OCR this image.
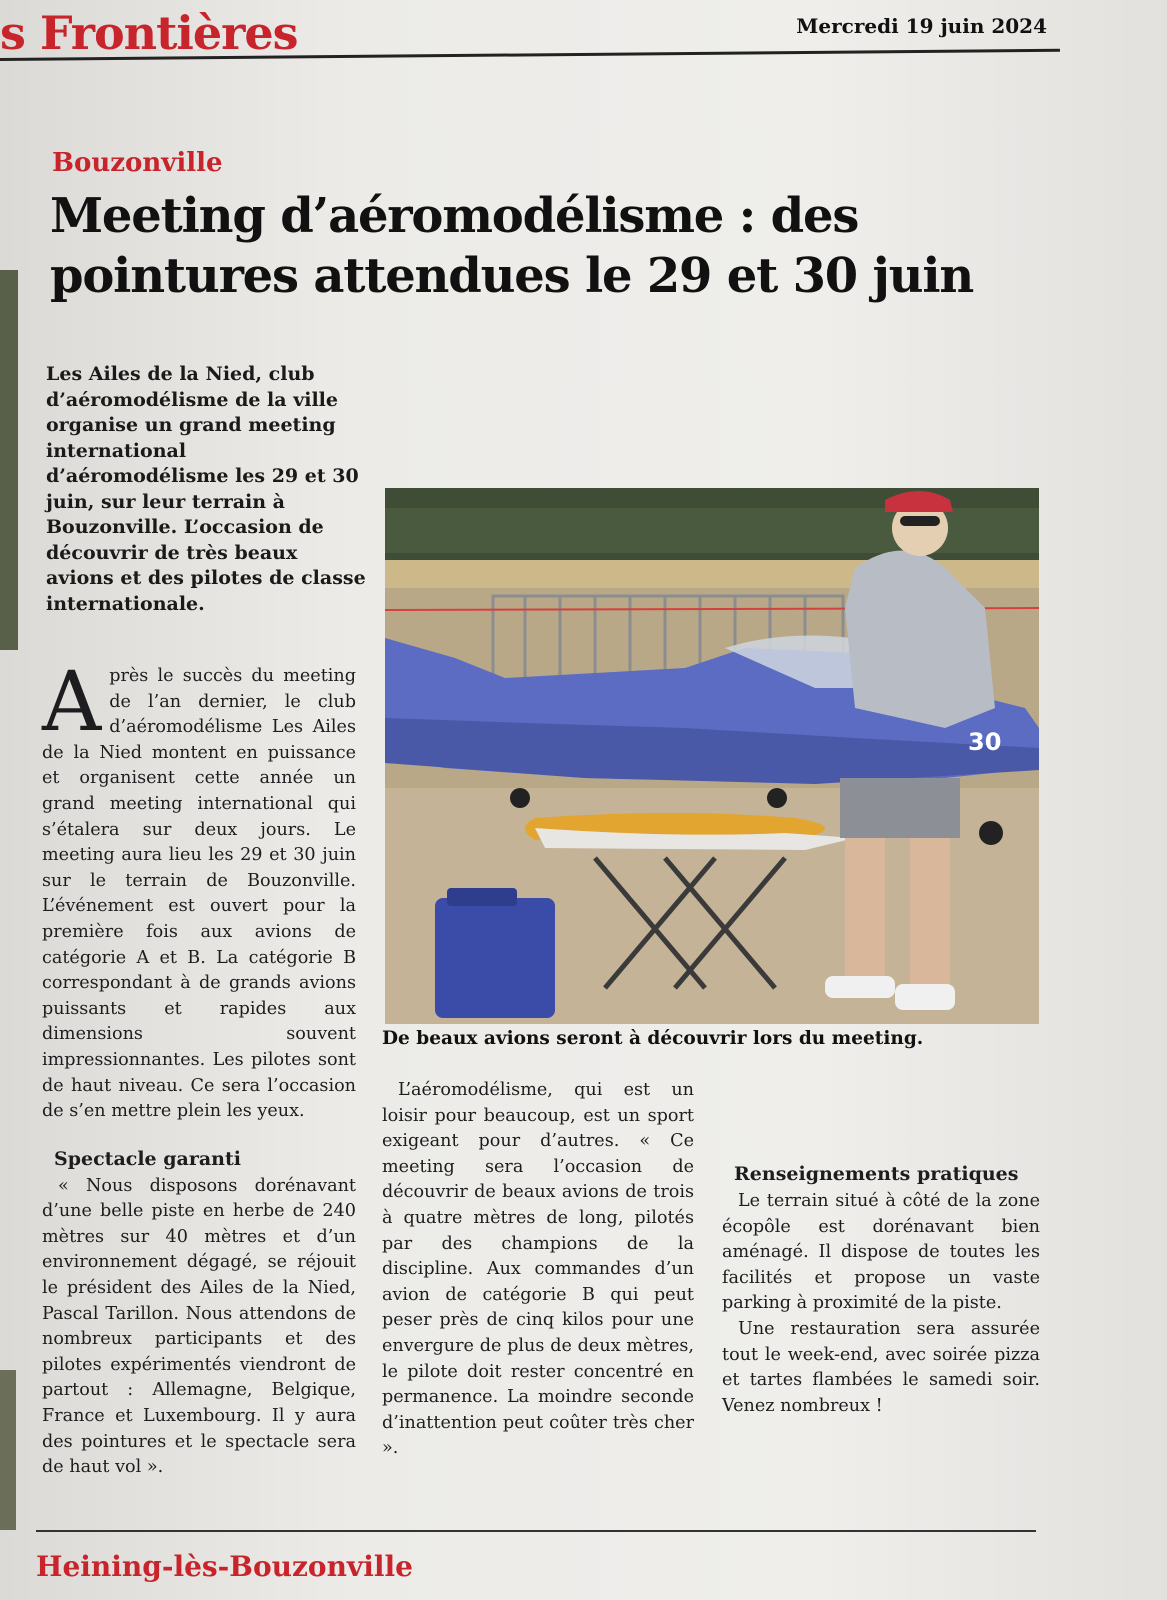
s Frontières	Mercredi 19 juin 2024
Bouzonville
Meeting d’aéromodélisme : des pointures attendues le 29 et 30 juin

Les Ailes de la Nied, club d’aéromodélisme de la ville organise un grand meeting international d’aéromodélisme les 29 et 30 juin, sur leur terrain à Bouzonville. L’occasion de découvrir de très beaux avions et des pilotes de classe internationale.

Après le succès du meeting de l’an dernier, le club d’aéromodélisme Les Ailes de la Nied montent en puissance et organisent cette année un grand meeting international qui s’étalera sur deux jours. Le meeting aura lieu les 29 et 30 juin sur le terrain de Bouzonville. L’événement est ouvert pour la première fois aux avions de catégorie A et B. La catégorie B correspondant à de grands avions puissants et rapides aux dimensions souvent impressionnantes. Les pilotes sont de haut niveau. Ce sera l’occasion de s’en mettre plein les yeux.

Spectacle garanti

« Nous disposons dorénavant d’une belle piste en herbe de 240 mètres sur 40 mètres et d’un environnement dégagé, se réjouit le président des Ailes de la Nied, Pascal Tarillon. Nous attendons de nombreux participants et des pilotes expérimentés viendront de partout : Allemagne, Belgique, France et Luxembourg. Il y aura des pointures et le spectacle sera de haut vol ».

30
De beaux avions seront à découvrir lors du meeting.

L’aéromodélisme, qui est un loisir pour beaucoup, est un sport exigeant pour d’autres. « Ce meeting sera l’occasion de découvrir de beaux avions de trois à quatre mètres de long, pilotés par des champions de la discipline. Aux commandes d’un avion de catégorie B qui peut peser près de cinq kilos pour une envergure de plus de deux mètres, le pilote doit rester concentré en permanence. La moindre seconde d’inattention peut coûter très cher ».

Renseignements pratiques

Le terrain situé à côté de la zone écopôle est dorénavant bien aménagé. Il dispose de toutes les facilités et propose un vaste parking à proximité de la piste.

Une restauration sera assurée tout le week-end, avec soirée pizza et tartes flambées le samedi soir. Venez nombreux !

Heining-lès-Bouzonville
